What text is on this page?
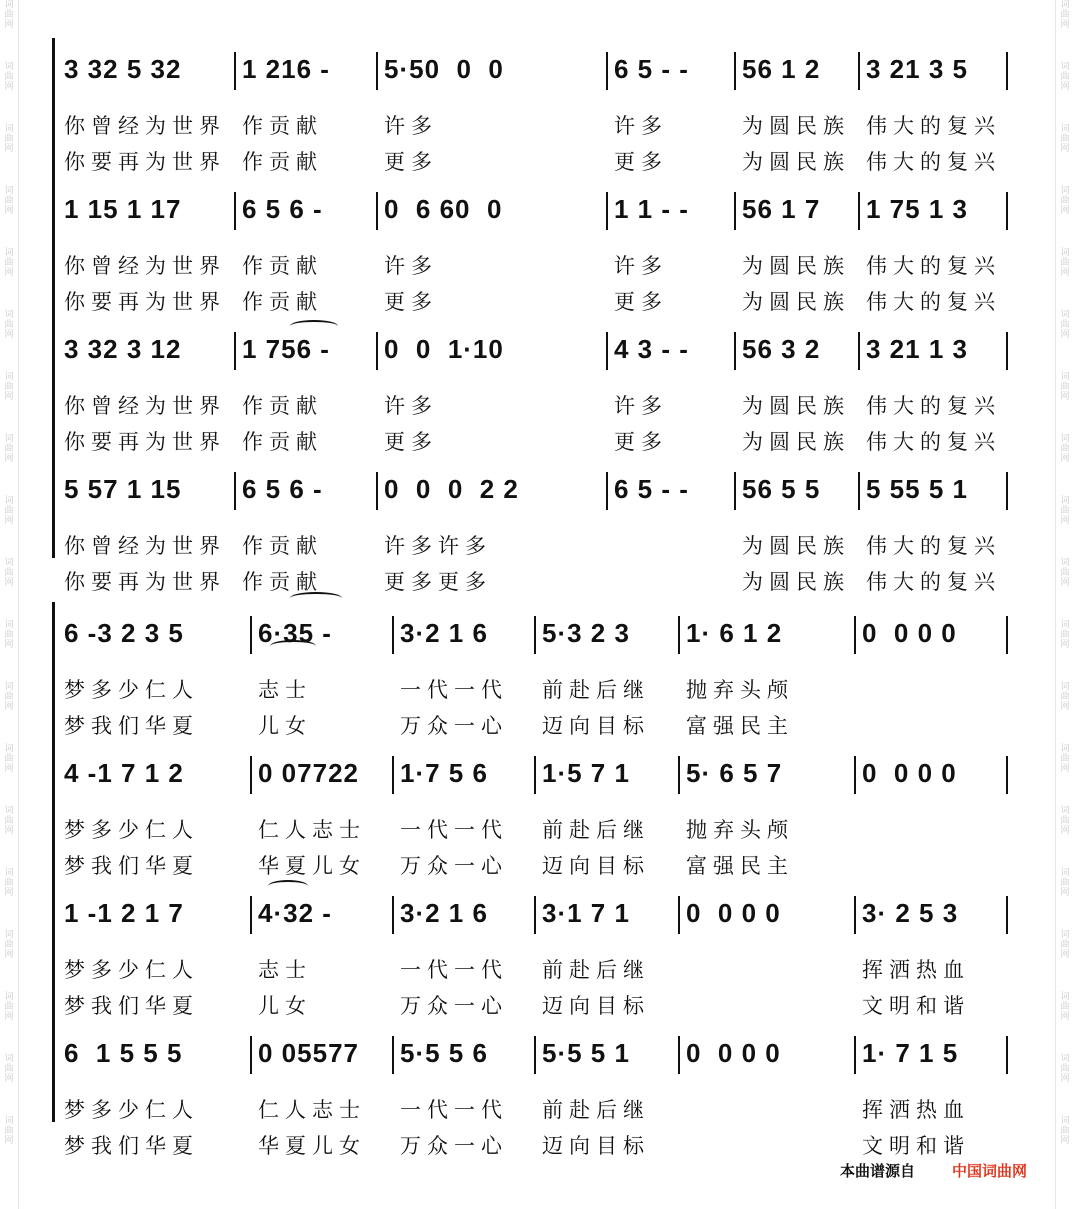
词
曲
网
词
曲
网
词
曲
网
词
曲
网
词
曲
网
词
曲
网
词
曲
网
词
曲
网
词
曲
网
词
曲
网
词
曲
网
词
曲
网
词
曲
网
词
曲
网
词
曲
网
词
曲
网
词
曲
网
词
曲
网
词
曲
网
词
曲
网
词
曲
网
词
曲
网
词
曲
网
词
曲
网
词
曲
网
词
曲
网
词
曲
网
词
曲
网
词
曲
网
词
曲
网
词
曲
网
词
曲
网
词
曲
网
词
曲
网
词
曲
网
词
曲
网
词
曲
网
词
曲
网
3 32 5 32
你曾经为世界
你要再为世界
1 216 -
作贡献
作贡献
5·50  0  0
许多
更多
6 5 - -
许多
更多
56 1 2
为圆民族
为圆民族
3 21 3 5
伟大的复兴
伟大的复兴
1 15 1 17
你曾经为世界
你要再为世界
6 5 6 -
作贡献
作贡献
0  6 60  0
许多
更多
1 1 - -
许多
更多
56 1 7
为圆民族
为圆民族
1 75 1 3
伟大的复兴
伟大的复兴
3 32 3 12
你曾经为世界
你要再为世界
1 756 -
作贡献
作贡献
0  0  1·10
许多
更多
4 3 - -
许多
更多
56 3 2
为圆民族
为圆民族
3 21 1 3
伟大的复兴
伟大的复兴
5 57 1 15
你曾经为世界
你要再为世界
6 5 6 -
作贡献
作贡献
0  0  0  2 2
许多许多
更多更多
6 5 - - 56 5 5
为圆民族
为圆民族
5 55 5 1
伟大的复兴
伟大的复兴
6 -3 2 3 5
梦多少仁人
梦我们华夏
6·35 -
志士
儿女
3·2 1 6
一代一代
万众一心
5·3 2 3
前赴后继
迈向目标
1· 6 1 2
抛弃头颅
富强民主
0  0 0 0
4 -1 7 1 2
梦多少仁人
梦我们华夏
0 07722
仁人志士
华夏儿女
1·7 5 6
一代一代
万众一心
1·5 7 1
前赴后继
迈向目标
5· 6 5 7
抛弃头颅
富强民主
0  0 0 0
1 -1 2 1 7
梦多少仁人
梦我们华夏
4·32 -
志士
儿女
3·2 1 6
一代一代
万众一心
3·1 7 1
前赴后继
迈向目标
0  0 0 0	3· 2 5 3
挥洒热血
文明和谐
6  1 5 5 5
梦多少仁人
梦我们华夏
0 05577
仁人志士
华夏儿女
5·5 5 6
一代一代
万众一心
5·5 5 1
前赴后继
迈向目标
0  0 0 0	1· 7 1 5
挥洒热血
文明和谐
本曲谱源自 中国词曲网
